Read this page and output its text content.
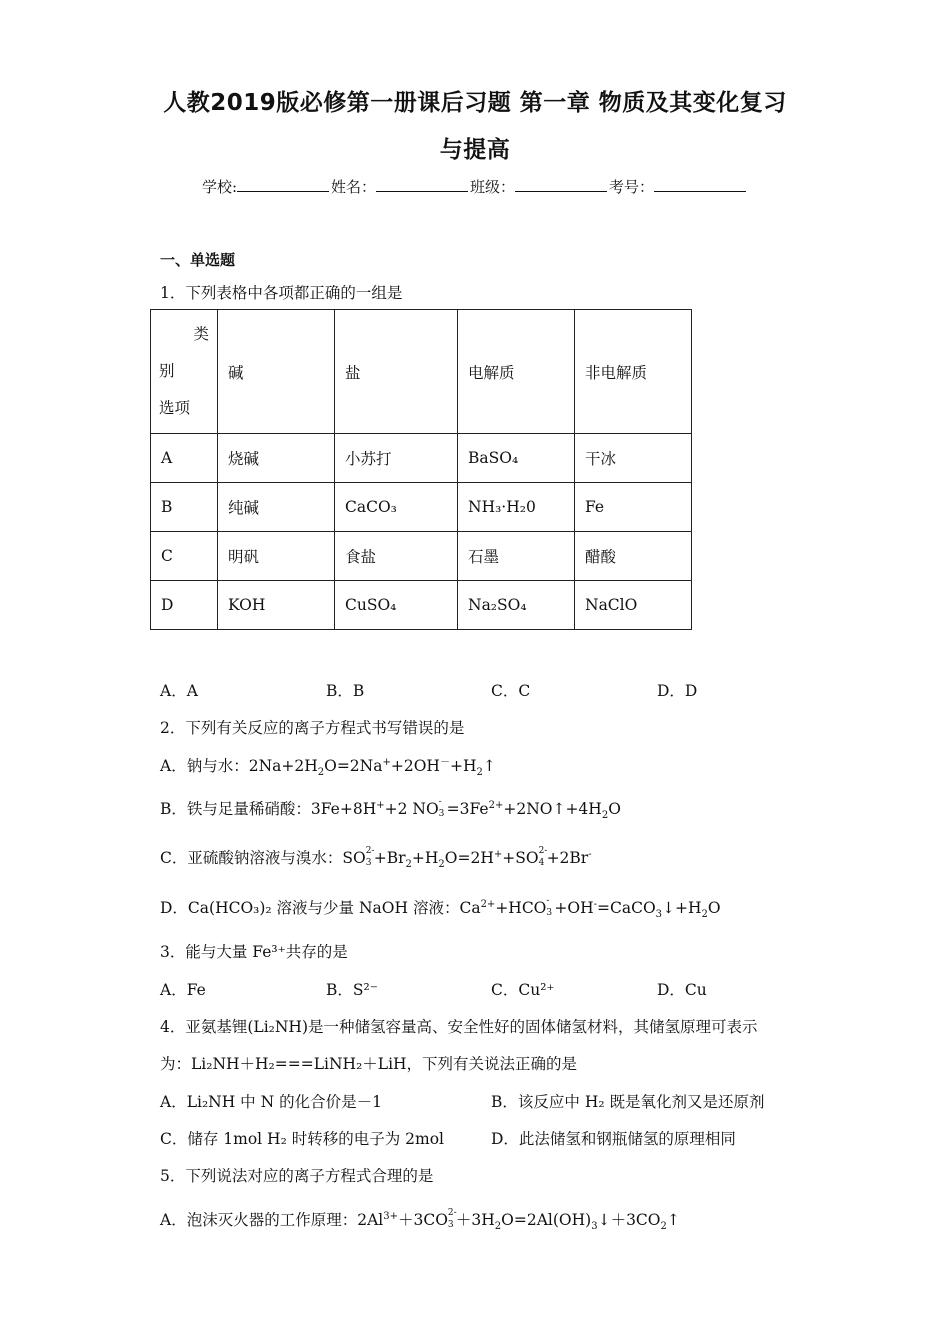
人教2019版必修第一册课后习题 第一章 物质及其变化复习
与提高
学校:	姓名：	班级：	考号：
一、单选题
1．下列表格中各项都正确的一组是
类
别
选项	碱	盐	电解质	非电解质
A	烧碱	小苏打	BaSO₄	干冰
B	纯碱	CaCO₃	NH₃·H₂0	Fe
C	明矾	食盐	石墨	醋酸
D	KOH	CuSO₄	Na₂SO₄	NaClO
A．A	B．B	C．C	D．D
2．下列有关反应的离子方程式书写错误的是
A．钠与水：$2Na+2H_2O=2Na^++2OH^-+H_2↑$
B．铁与足量稀硝酸：3Fe+8H++2 NO -
$3 =3Fe^{2+}+2NO↑+4H_2O$
C．亚硫酸钠溶液与溴水：SO 2-
$3 +Br_2+H_2O=2H^++SO$ 2-
4 +2Br-
D．Ca(HCO₃)₂ 溶液与少量 NaOH 溶液：$Ca^{2+}+HCO$ -
$3 +OH^-=CaCO_3↓+H_2O$
3．能与大量 Fe³⁺共存的是
A．Fe	B．S²⁻	C．Cu²⁺	D．Cu
4．亚氨基锂(Li₂NH)是一种储氢容量高、安全性好的固体储氢材料，其储氢原理可表示
为：Li₂NH＋H₂===LiNH₂＋LiH，下列有关说法正确的是
A．Li₂NH 中 N 的化合价是－1	B．该反应中 H₂ 既是氧化剂又是还原剂
C．储存 1mol H₂ 时转移的电子为 2mol	D．此法储氢和钢瓶储氢的原理相同
5．下列说法对应的离子方程式合理的是
A．泡沫灭火器的工作原理：$2Al^{3+}+3CO$ 2-
$3 +3H_2O=2Al(OH)_3↓+3CO_2↑$
